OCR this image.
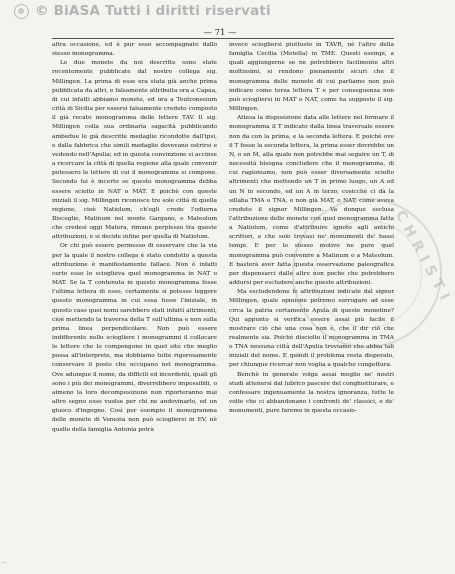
© BiASA Tutti i diritti riservati
— 71 —

altra occasione, ed è pur esso accompagnato dallo stesso monogramma.

Le due monete da noi descritte sono state recentemente pubblicate dal nostro collega sig. Millingen. La prima di esse era stata già anche prima pubblicata da altri, e falsamente attribuita ora a Capua, di cui infatti abbiamo monete, ed ora a Teutronesium città di Sicilia per essersi falsamente creduto composto il già recato monogramma delle lettere TAV. Il sig. Millingen colla sua ordinaria sagacità pubblicando ambedue le già descritte medaglie ricondotte dall'ipsi, e dalla fabbrica che simili medaglie dovevano ostrirsi e vedendo nell'Apulia; ed in questa convinzione si accinse a ricercare la città di quella regione alla quale convenir potessero le lettere di cui il monogramma si compone. Secondo lui è incerto se questo monogramma debba essere sciolto in NAT o MAT. E poichè con queste iniziali il sig. Millingen riconosce tre sole città di quella regione, cioè Natiolum, ch'egli crede l'odierna Bisceglie, Matinum nel monte Gargano, e Mateolum che credesi oggi Matera, rimane perplesso tra queste attribuzioni, e si decide infine per quella di Natiolum.

Or chi può essere permesso di osservare che la via per la quale il nostro collega è stato condotto a questa attribuzione è manifestamente fallace. Non è infatti certo esso lo scioglieva quel monogramma in NAT o MAT. Se la T contenuta in questo monogramma fosse l'ultima lettera di esso, certamente si potesse leggere questo monogramma in cui essa fosse l'iniziale, in questo caso quei nomi sarebbero stati infatti altrimenti, cioè mettendo la traversa della T sull'ultima e non sulla prima linea perpendicolare. Non può essere indifferente nello sciogliere i monogrammi il collocare le lettere che lo compongono in quel sito che meglio possa all'interprete, ma dobbiamo tutte rigorosamente conservare il posto che occupano nel monogramma. Ove adunque il nome, da difficili ed incerdenti, quali gli sono i più dei monogrammi, diverrebbero impossibili, o almeno la loro decomposizione non riporteranno mai altro segno esso vuolse per chi ne andovinarlo, ed un giuoco d'ingegno. Così per esempio il monogramma delle monete di Venezia non può sciogliersi in EV, nè quello della famiglia Antonia potrà

invece sciogliersi piuttosto in TAVR, nè l'altro della famiglia Cecilia (Metella) in TME. Questi esempi, a quali aggiungerne se ne potrebbero facilmente altri moltissimi, si rendono pienamente sicuri che il monogramma delle monete di cui parliamo non può indicare come terza lettera T e per conseguenza non può sciogliersi in MAT o NAT, come ha supposto il sig. Millingen.

Attesa la disposizione data alle lettere nel formare il monogramma il T indicato dalla linea traversale essere non da con la prima, e la seconda lettera. E poichè ove il T fosse la seconda lettera, la prima esser dovrebbe un N, o un M, alla quale non potrebbe mai seguire un T, di necessità bisogna concludere che il monogramma, di cui ragioniamo, non può esser diversamente sciolto altrimenti che mettendo un T in primo luogo, un A ed un N in secondo, ed un A in terzo, cosicchè ci dà la sillaba TMA o TNA, e non già MAT, o NAT, come aveva creduto il signor Millingen. Va dunque esclusa l'attribuzione delle monete con quel monogramma fatta a Natiolum, come d'attribuire ignoto agli antichi scrittori, e che solo trovasi ne' monumenti de' bassi tempi. E per lo stesso motivo ne pure quel monogramma può convenire a Matinum o a Mateolum. E basterà aver fatta questa osservazione paleografica per dispensarci dalle altre non poche che potrebbero addursi per escludere anche queste attribuzioni.

Ma escludendone le attribuzioni indicate dal signor Millingen, quale opinione potremo surrogare ad esse circa la patria certamente Apula di queste monetine? Qui appunto si verifica essere assai più facile il mostrare ciò che una cosa non è, che il dir ciò che realmente sia. Poichè disciolto il monogramma in TMA o TNA nessuna città dell'Apulia troviamo che abbia tali iniziali del nome. E quindi il problema resta disperato, per chiunque ricercar non voglia a qualche congettura.

Benchè in generale volga assai meglio ne' nostri studi attenersi dal lubrico pascere del conghietturare, e confessare ingenuamente la nostra ignoranza, tutte le volte che ci abbandonano i confronti de' classici, e de' monumenti, pure faremo in questa occasio-

CHRISTI
—
